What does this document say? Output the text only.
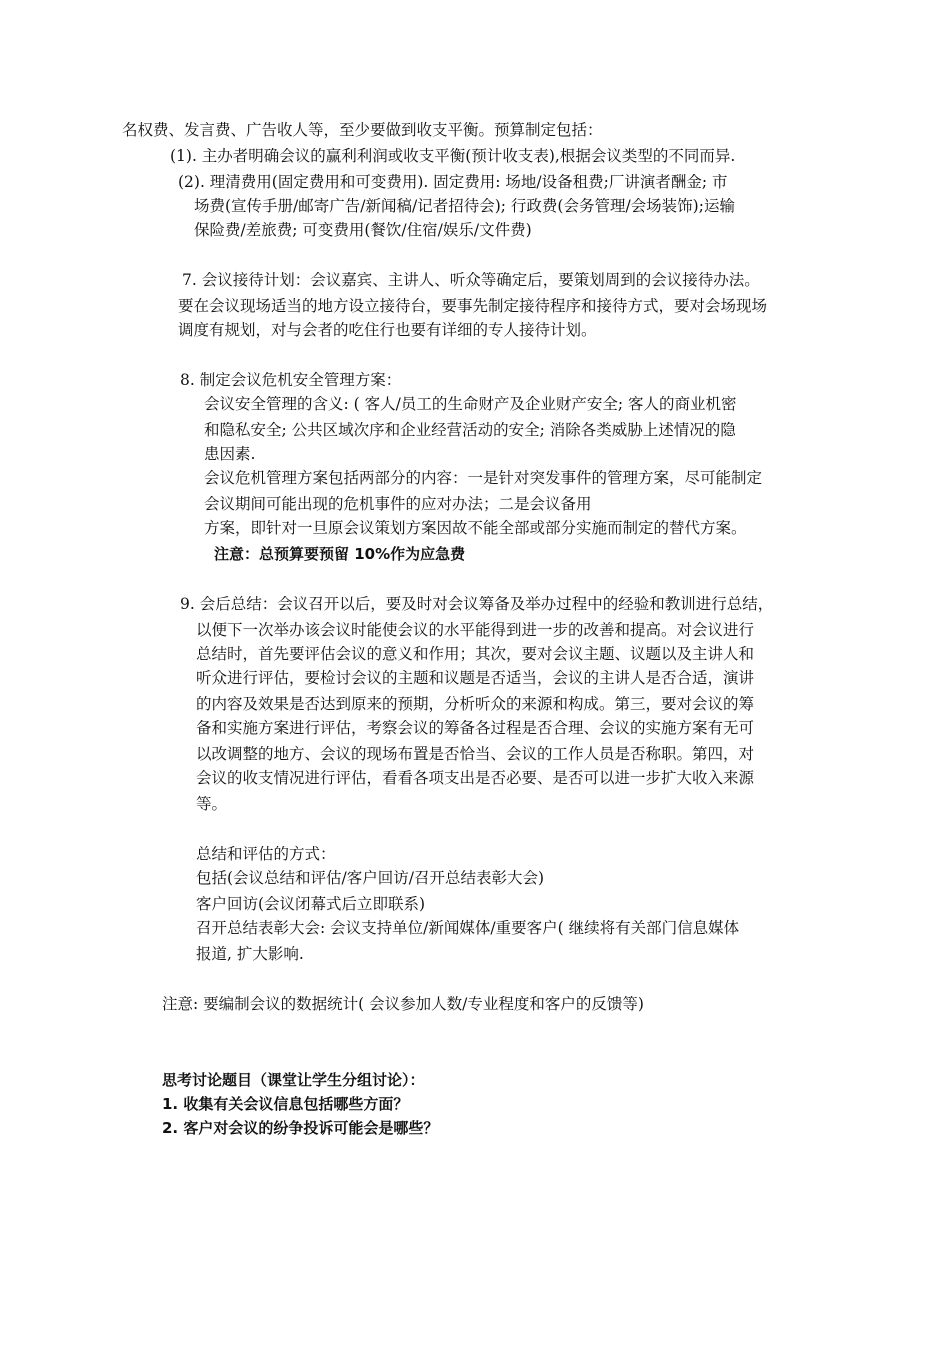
名权费、发言费、广告收人等，至少要做到收支平衡。预算制定包括：
(1). 主办者明确会议的赢利利润或收支平衡(预计收支表),根据会议类型的不同而异.
(2). 理清费用(固定费用和可变费用). 固定费用: 场地/设备租费;厂讲演者酬金; 市
场费(宣传手册/邮寄广告/新闻稿/记者招待会); 行政费(会务管理/会场装饰);运输
保险费/差旅费; 可变费用(餐饮/住宿/娱乐/文件费)
7. 会议接待计划：会议嘉宾、主讲人、听众等确定后，要策划周到的会议接待办法。
要在会议现场适当的地方设立接待台，要事先制定接待程序和接待方式，要对会场现场
调度有规划，对与会者的吃住行也要有详细的专人接待计划。
8. 制定会议危机安全管理方案：
会议安全管理的含义: ( 客人/员工的生命财产及企业财产安全; 客人的商业机密
和隐私安全; 公共区域次序和企业经营活动的安全; 消除各类威胁上述情况的隐
患因素.
会议危机管理方案包括两部分的内容：一是针对突发事件的管理方案，尽可能制定
会议期间可能出现的危机事件的应对办法；二是会议备用
方案，即针对一旦原会议策划方案因故不能全部或部分实施而制定的替代方案。
注意：总预算要预留 10%作为应急费
9. 会后总结：会议召开以后，要及时对会议筹备及举办过程中的经验和教训进行总结，
以便下一次举办该会议时能使会议的水平能得到进一步的改善和提高。对会议进行
总结时，首先要评估会议的意义和作用；其次，要对会议主题、议题以及主讲人和
听众进行评估，要检讨会议的主题和议题是否适当，会议的主讲人是否合适，演讲
的内容及效果是否达到原来的预期，分析听众的来源和构成。第三，要对会议的筹
备和实施方案进行评估，考察会议的筹备各过程是否合理、会议的实施方案有无可
以改调整的地方、会议的现场布置是否恰当、会议的工作人员是否称职。第四，对
会议的收支情况进行评估，看看各项支出是否必要、是否可以进一步扩大收入来源
等。
总结和评估的方式：
包括(会议总结和评估/客户回访/召开总结表彰大会)
客户回访(会议闭幕式后立即联系)
召开总结表彰大会: 会议支持单位/新闻媒体/重要客户( 继续将有关部门信息媒体
报道, 扩大影响.
注意: 要编制会议的数据统计( 会议参加人数/专业程度和客户的反馈等)
思考讨论题目（课堂让学生分组讨论）：
1. 收集有关会议信息包括哪些方面？
2. 客户对会议的纷争投诉可能会是哪些？
